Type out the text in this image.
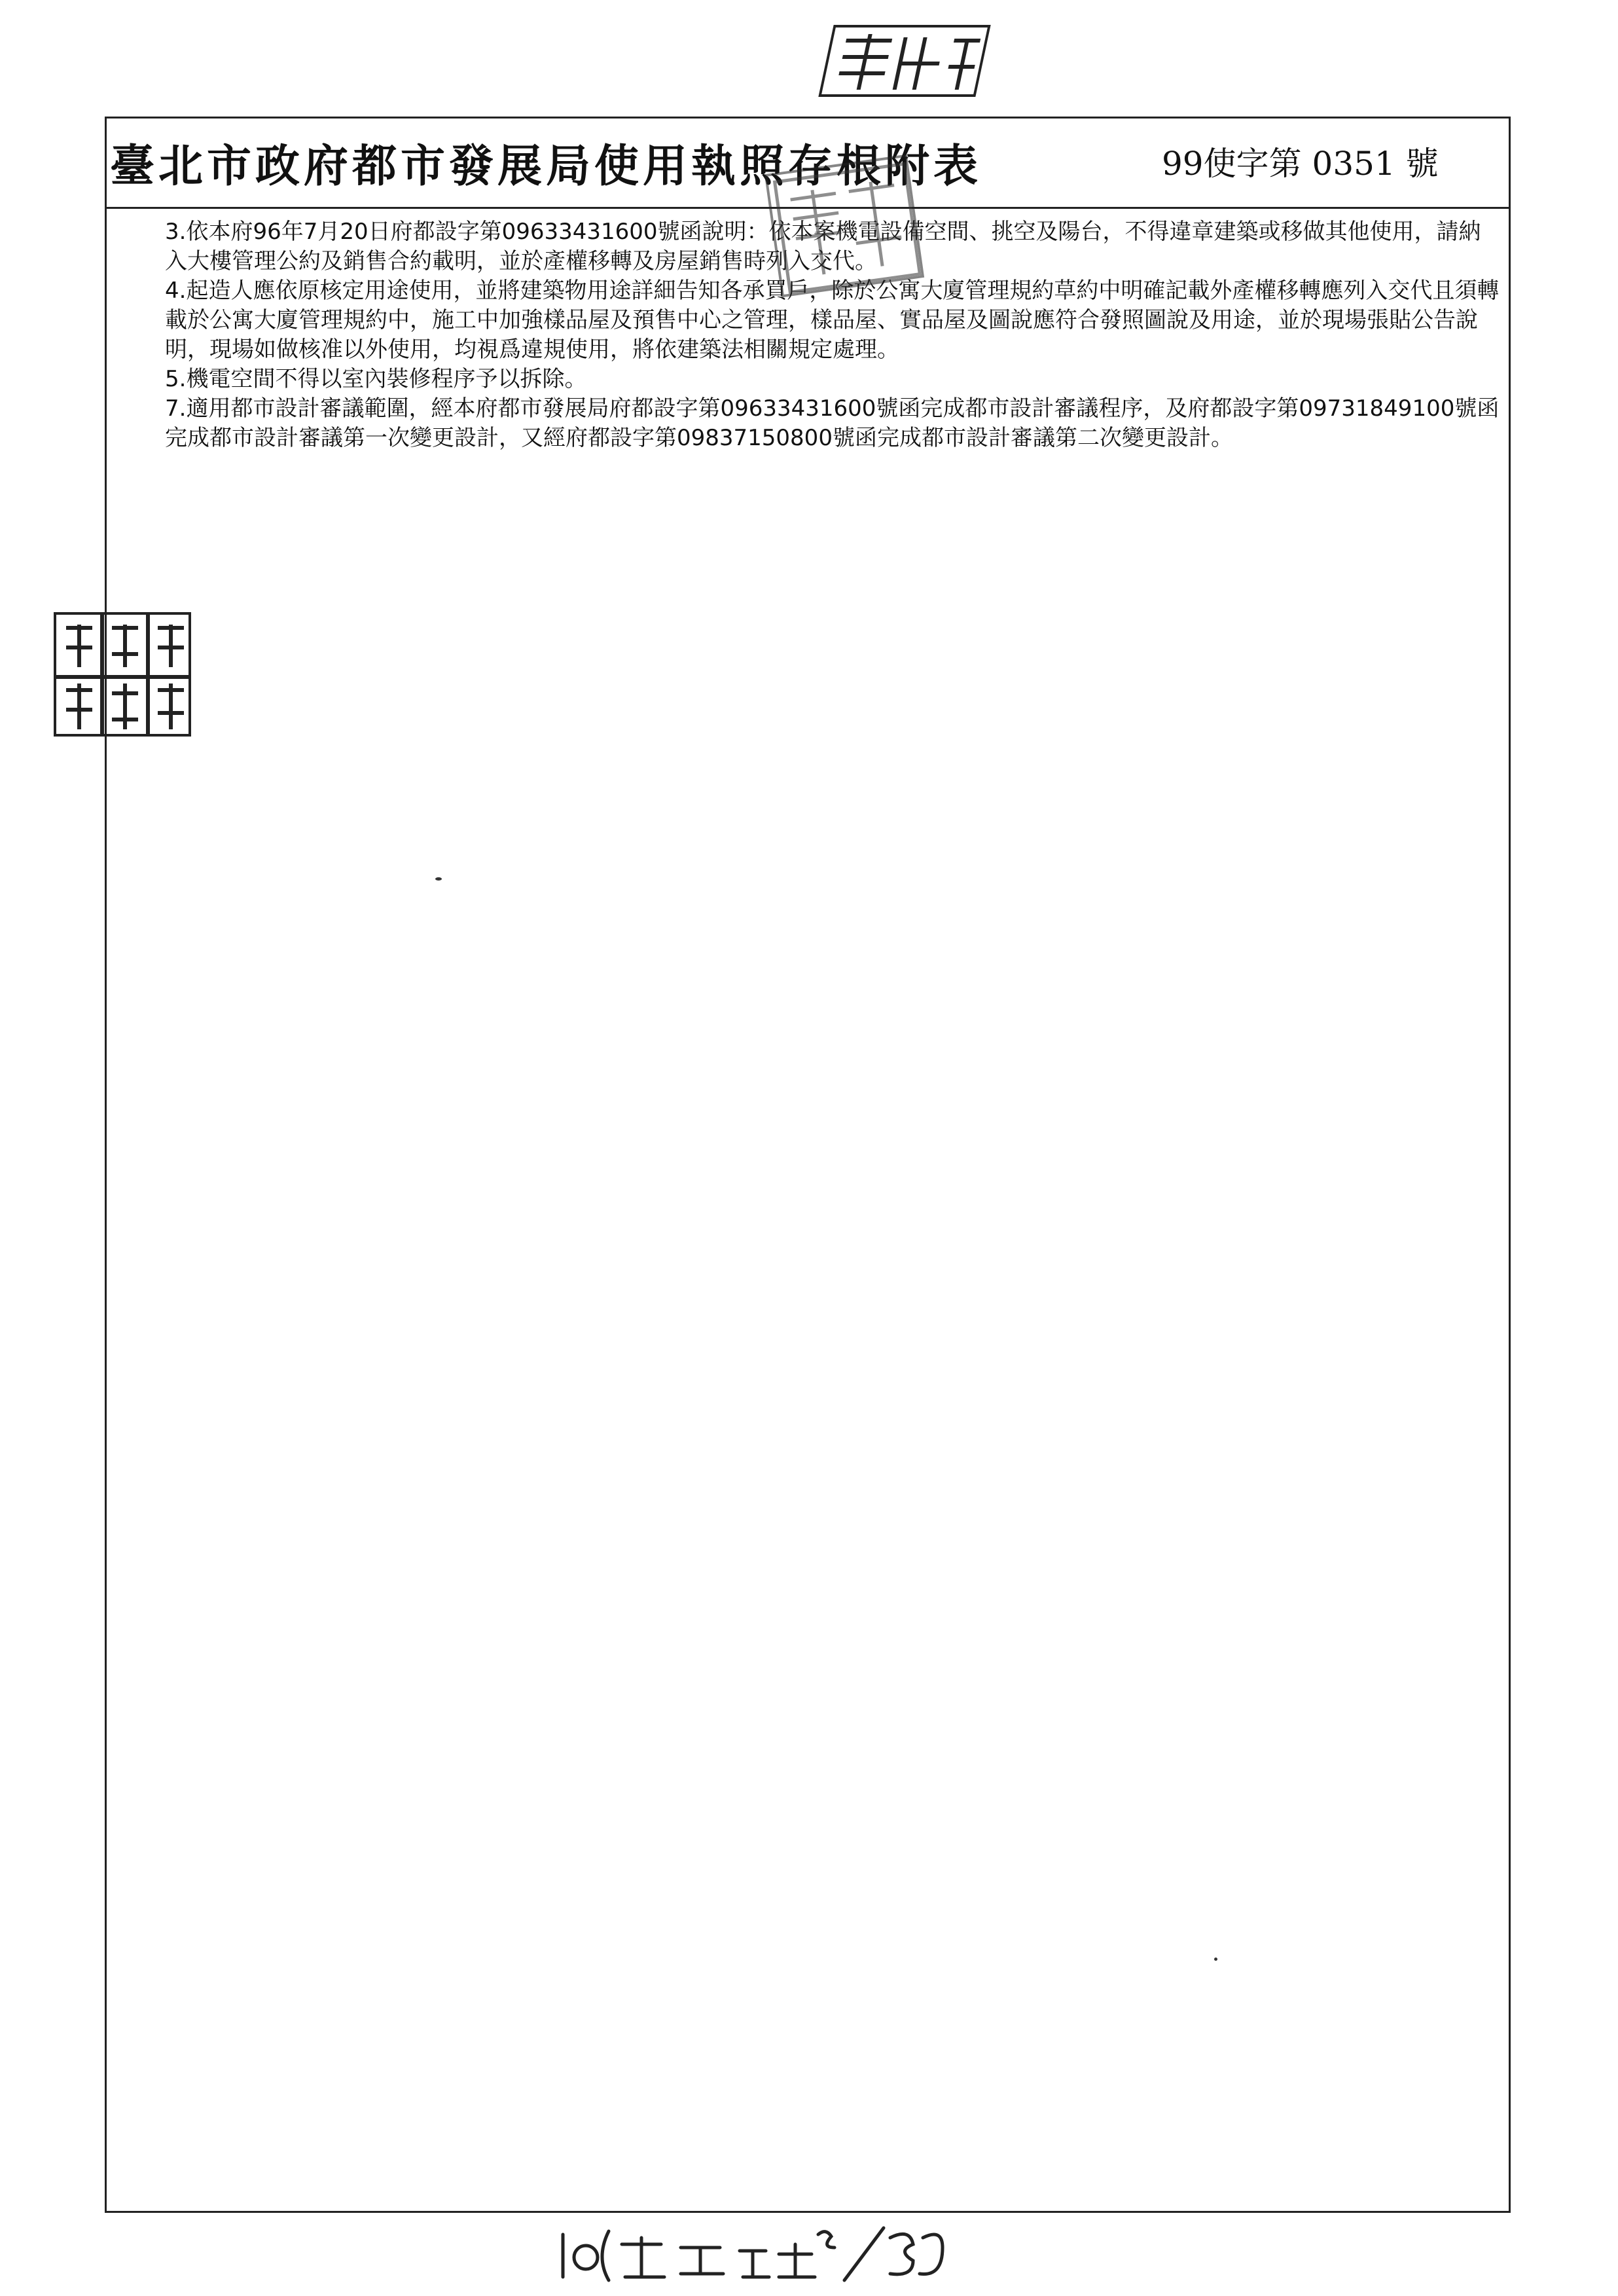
臺北市政府都市發展局使用執照存根附表	99使字第 0351 號

3.依本府96年7月20日府都設字第09633431600號函說明：依本案機電設備空間、挑空及陽台，不得違章建築或移做其他使用，請納入大樓管理公約及銷售合約載明，並於產權移轉及房屋銷售時列入交代。

4.起造人應依原核定用途使用，並將建築物用途詳細告知各承買戶，除於公寓大廈管理規約草約中明確記載外產權移轉應列入交代且須轉載於公寓大廈管理規約中，施工中加強樣品屋及預售中心之管理，樣品屋、實品屋及圖說應符合發照圖說及用途，並於現場張貼公告說明，現場如做核准以外使用，均視爲違規使用，將依建築法相關規定處理。

5.機電空間不得以室內裝修程序予以拆除。

7.適用都市設計審議範圍，經本府都市發展局府都設字第09633431600號函完成都市設計審議程序，及府都設字第09731849100號函完成都市設計審議第一次變更設計，又經府都設字第09837150800號函完成都市設計審議第二次變更設計。
